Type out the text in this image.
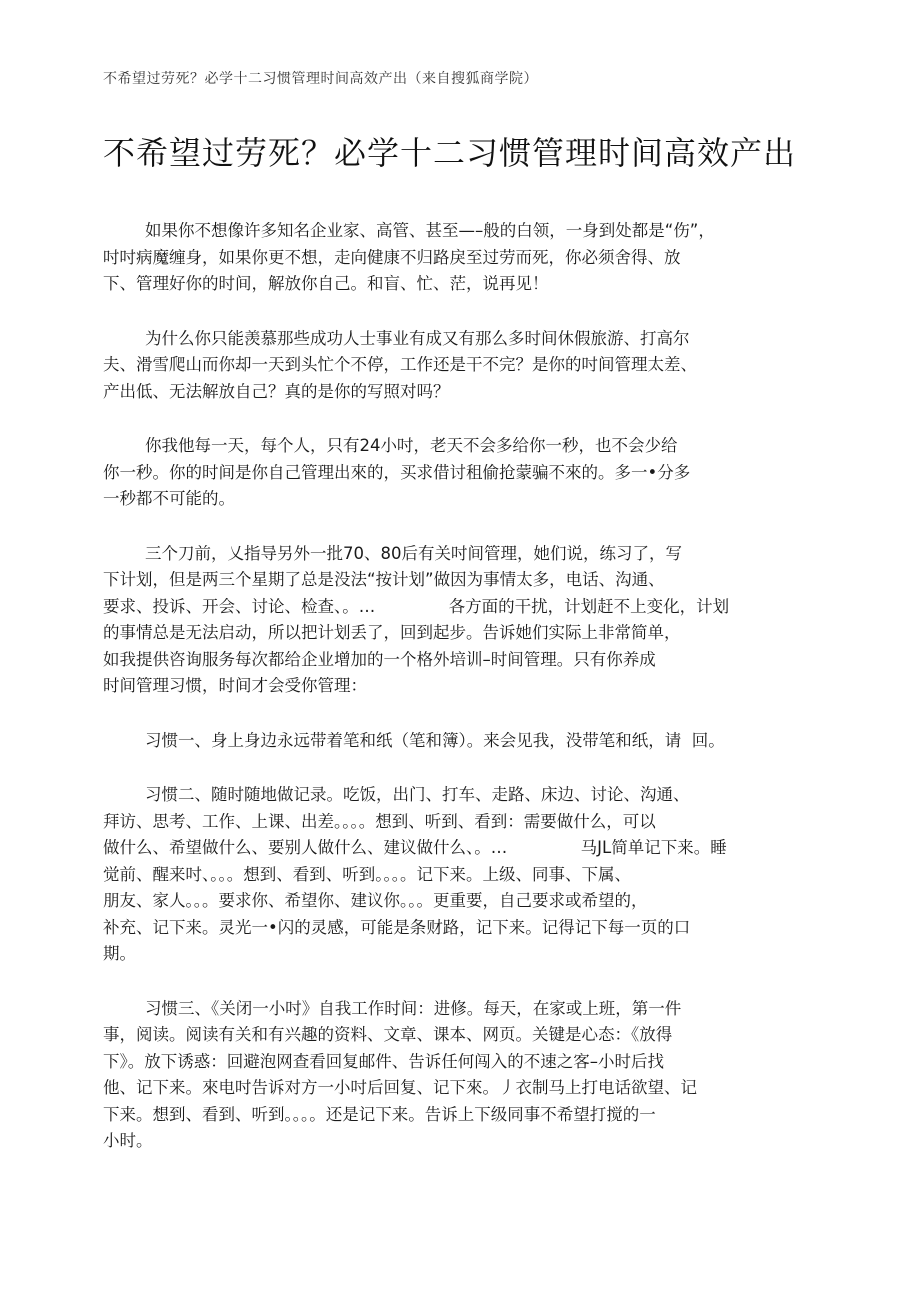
不希望过劳死？必学十二习惯管理时间高效产出（来自搜狐商学院）
不希望过劳死？必学十二习惯管理时间高效产出
如果你不想像许多知名企业家、高管、甚至—–般的白领，一身到处都是“伤”，
吋吋病魔缠身，如果你更不想，走向健康不归路戾至过劳而死，你必须舍得、放
下、管理好你的时间，解放你自己。和盲、忙、茫，说再见！
为什么你只能羡慕那些成功人士事业有成又有那么多时间休假旅游、打高尔
夫、滑雪爬山而你却一天到头忙个不停，工作还是干不完？是你的吋间管理太差、
产出低、无法解放自己？真的是你的写照对吗？
你我他每一天，每个人，只有24小吋，老天不会多给你一秒，也不会少给
你一秒。你的时间是你自己管理出來的，买求借讨租偷抢蒙骗不來的。多一•分多
一秒都不可能的。
三个刀前，乂指导另外一批70、80后有关吋间管理，她们说，练习了，写
下计划，但是两三个星期了总是没法“按计划”做因为事情太多，电话、沟通、
要求、投诉、开会、讨论、检查、。…              各方面的干扰，计划赶不上变化，计划
的事情总是无法启动，所以把计划丢了，回到起步。告诉她们实际上非常简单，
如我提供咨询服务每次都给企业增加的一个格外培训–时间管理。只有你养成
时间管理习惯，时间才会受你管理：
习惯一、身上身边永远带着笔和纸（笔和簿）。来会见我，没带笔和纸，请  回。
习惯二、随时随地做记录。吃饭，出门、打车、走路、床边、讨论、沟通、
拜访、思考、工作、上课、出差。。。。想到、听到、看到：需要做什么，可以
做什么、希望做什么、要别人做什么、建议做什么、。…              马JL简单记下来。睡
觉前、醒来吋、。。。想到、看到、听到。。。。记下来。上级、同事、下属、
朋友、家人。。。要求你、希望你、建议你。。。更重要，自己要求或希望的，
补充、记下来。灵光一•闪的灵感，可能是条财路，记下来。记得记下每一页的口
期。
习惯三、《关闭一小吋》自我工作时间：进修。每天，在家或上班，第一件
事，阅读。阅读有关和有兴趣的资料、文章、课本、网页。关键是心态：《放得
下》。放下诱惑：回避泡网查看回复邮件、告诉任何闯入的不速之客–小时后找
他、记下来。來电吋告诉对方一小吋后回复、记下來。丿衣制马上打电话欲望、记
下来。想到、看到、听到。。。。还是记下来。告诉上下级同事不希望打搅的一
小时。
